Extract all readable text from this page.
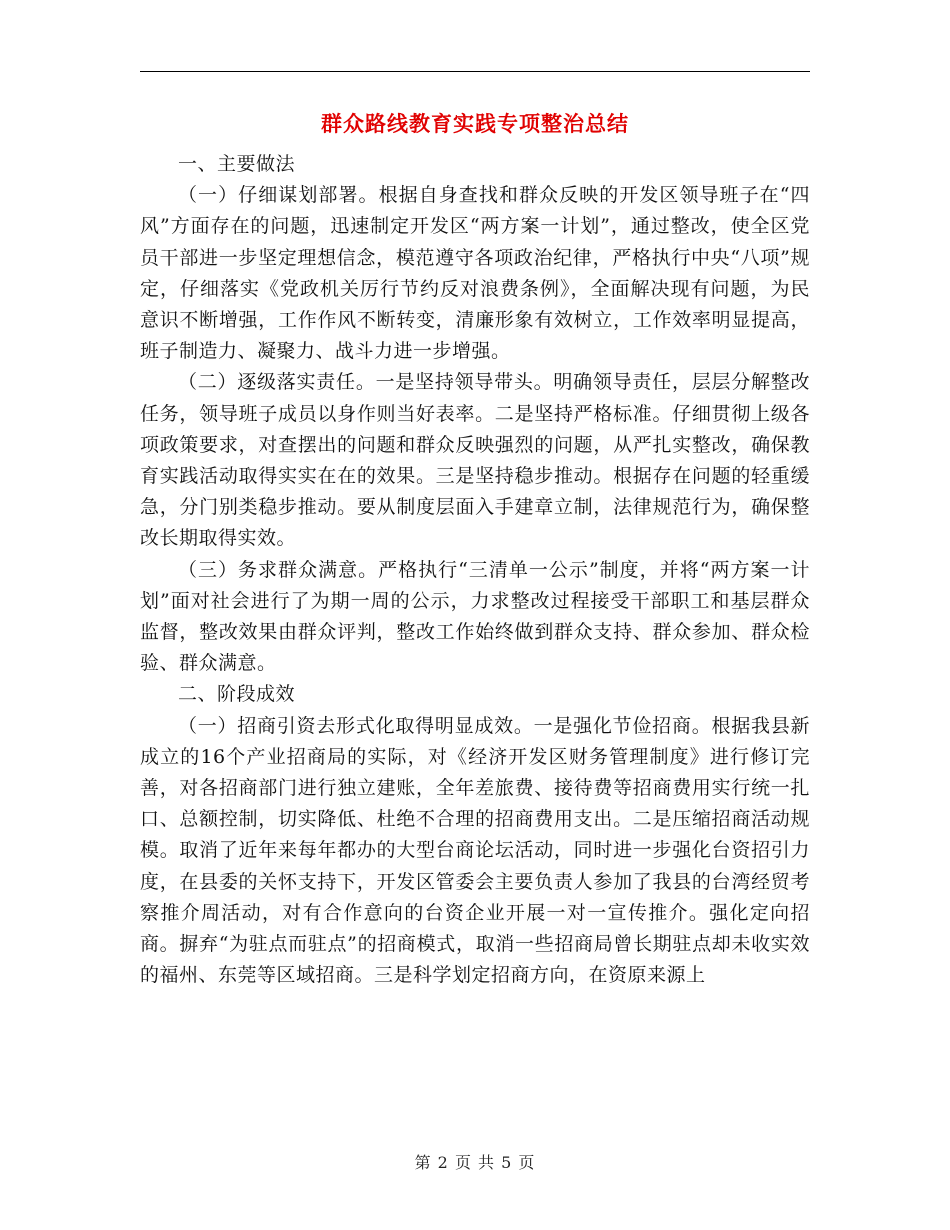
群众路线教育实践专项整治总结

一、主要做法

（一）仔细谋划部署。根据自身查找和群众反映的开发区领导班子在“四风”方面存在的问题，迅速制定开发区“两方案一计划”，通过整改，使全区党员干部进一步坚定理想信念，模范遵守各项政治纪律，严格执行中央“八项”规定，仔细落实《党政机关厉行节约反对浪费条例》，全面解决现有问题，为民意识不断增强，工作作风不断转变，清廉形象有效树立，工作效率明显提高，班子制造力、凝聚力、战斗力进一步增强。

（二）逐级落实责任。一是坚持领导带头。明确领导责任，层层分解整改任务，领导班子成员以身作则当好表率。二是坚持严格标准。仔细贯彻上级各项政策要求，对查摆出的问题和群众反映强烈的问题，从严扎实整改，确保教育实践活动取得实实在在的效果。三是坚持稳步推动。根据存在问题的轻重缓急，分门别类稳步推动。要从制度层面入手建章立制，法律规范行为，确保整改长期取得实效。

（三）务求群众满意。严格执行“三清单一公示”制度，并将“两方案一计划”面对社会进行了为期一周的公示，力求整改过程接受干部职工和基层群众监督，整改效果由群众评判，整改工作始终做到群众支持、群众参加、群众检验、群众满意。

二、阶段成效

（一）招商引资去形式化取得明显成效。一是强化节俭招商。根据我县新成立的16个产业招商局的实际，对《经济开发区财务管理制度》进行修订完善，对各招商部门进行独立建账，全年差旅费、接待费等招商费用实行统一扎口、总额控制，切实降低、杜绝不合理的招商费用支出。二是压缩招商活动规模。取消了近年来每年都办的大型台商论坛活动，同时进一步强化台资招引力度，在县委的关怀支持下，开发区管委会主要负责人参加了我县的台湾经贸考察推介周活动，对有合作意向的台资企业开展一对一宣传推介。强化定向招商。摒弃“为驻点而驻点”的招商模式，取消一些招商局曾长期驻点却未收实效的福州、东莞等区域招商。三是科学划定招商方向，在资原来源上

第 2 页 共 5 页
